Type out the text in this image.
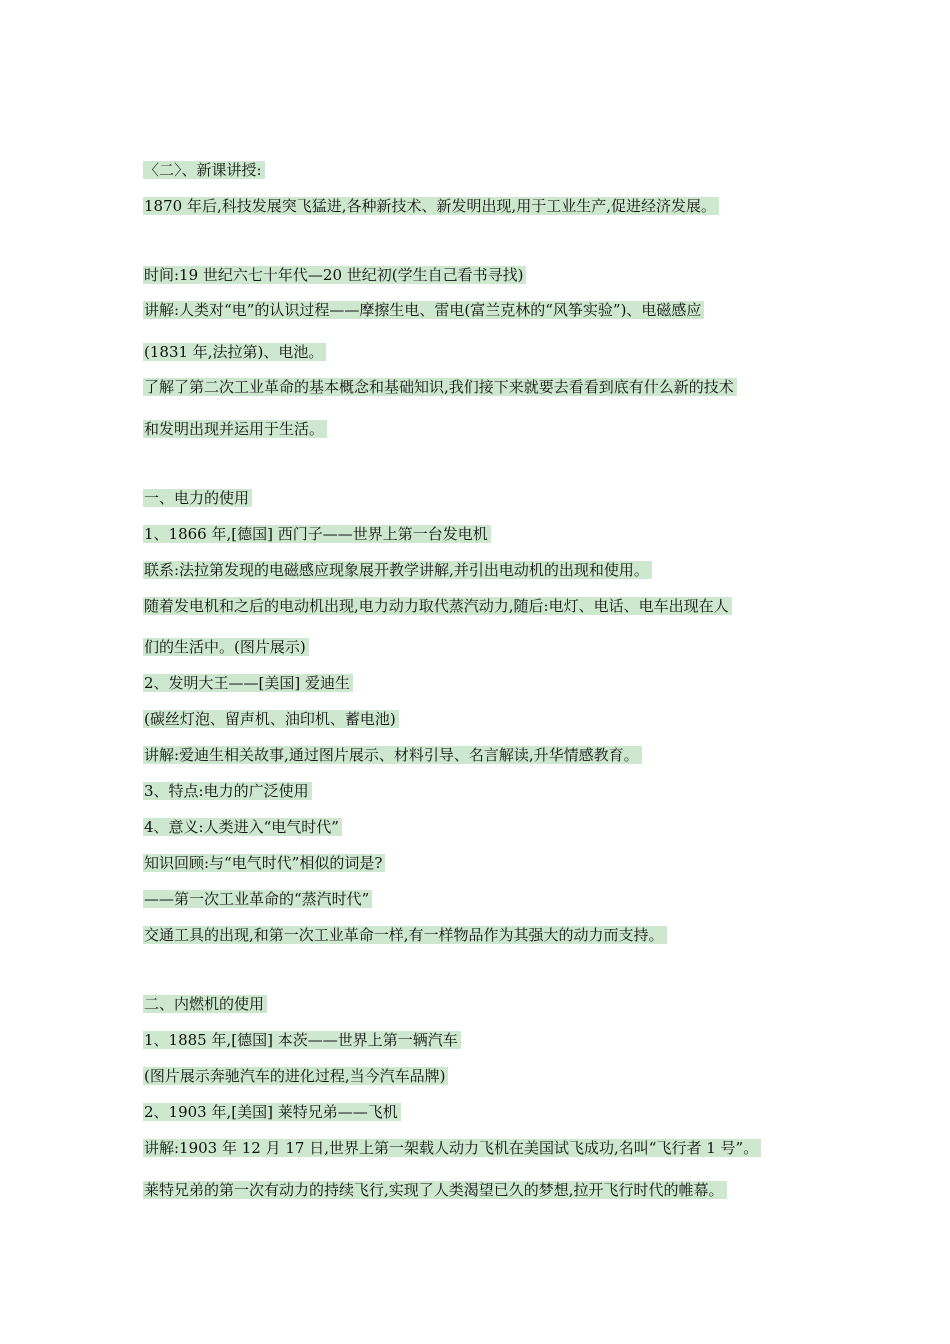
〈二〉、新课讲授:
1870 年后,科技发展突飞猛进,各种新技术、新发明出现,用于工业生产,促进经济发展。
时间:19 世纪六七十年代—20 世纪初(学生自己看书寻找)
讲解:人类对“电”的认识过程——摩擦生电、雷电(富兰克林的“风筝实验”)、电磁感应
(1831 年,法拉第)、电池。
了解了第二次工业革命的基本概念和基础知识,我们接下来就要去看看到底有什么新的技术
和发明出现并运用于生活。
一、电力的使用
1、1866 年,[德国] 西门子——世界上第一台发电机
联系:法拉第发现的电磁感应现象展开教学讲解,并引出电动机的出现和使用。
随着发电机和之后的电动机出现,电力动力取代蒸汽动力,随后:电灯、电话、电车出现在人
们的生活中。(图片展示)
2、发明大王——[美国] 爱迪生
(碳丝灯泡、留声机、油印机、蓄电池)
讲解:爱迪生相关故事,通过图片展示、材料引导、名言解读,升华情感教育。
3、特点:电力的广泛使用
4、意义:人类进入“电气时代”
知识回顾:与“电气时代”相似的词是?
——第一次工业革命的“蒸汽时代”
交通工具的出现,和第一次工业革命一样,有一样物品作为其强大的动力而支持。
二、内燃机的使用
1、1885 年,[德国] 本茨——世界上第一辆汽车
(图片展示奔驰汽车的进化过程,当今汽车品牌)
2、1903 年,[美国] 莱特兄弟——飞机
讲解:1903 年 12 月 17 日,世界上第一架载人动力飞机在美国试飞成功,名叫“飞行者 1 号”。
莱特兄弟的第一次有动力的持续飞行,实现了人类渴望已久的梦想,拉开飞行时代的帷幕。
